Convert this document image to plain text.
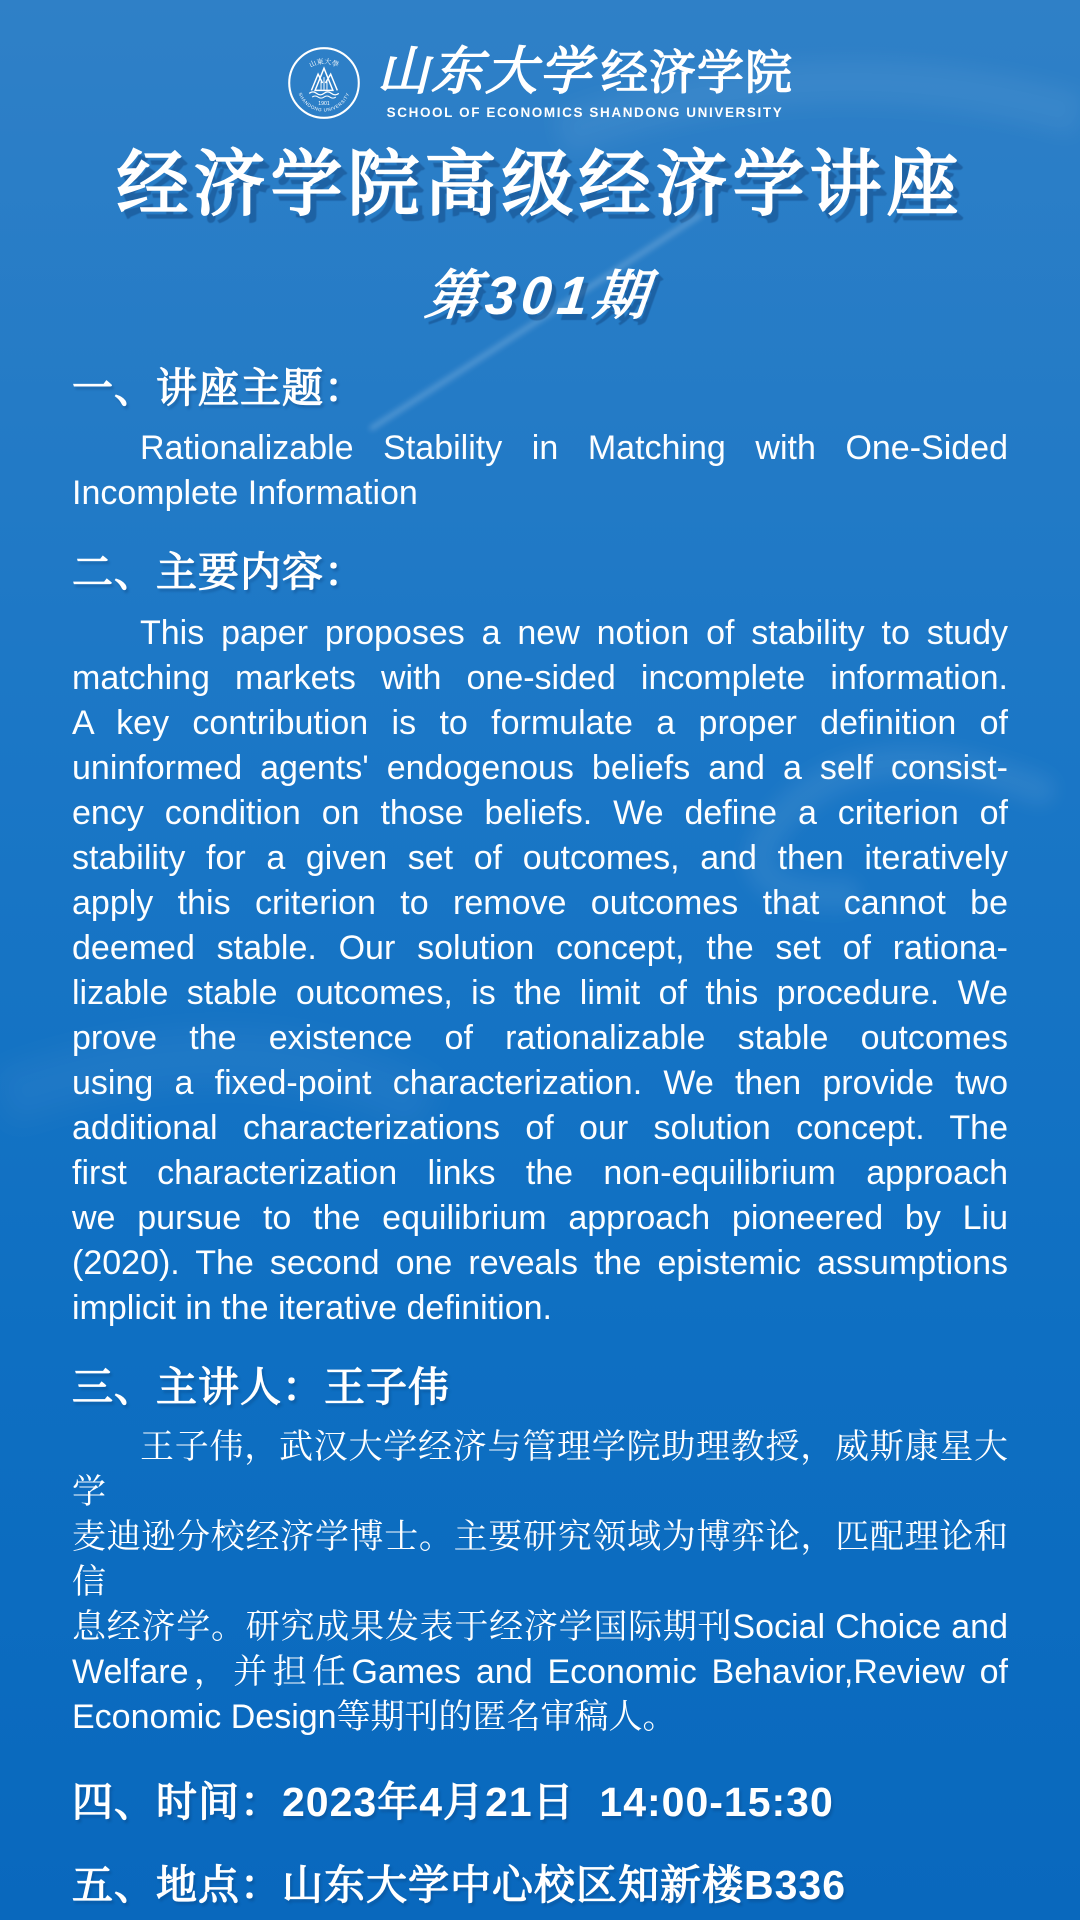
1901
山東大學
SHANDONG UNIVERSITY 山东大学 经济学院
SCHOOL OF ECONOMICS SHANDONG UNIVERSITY
经济学院高级经济学讲座
第301期
一、讲座主题：
Rationalizable Stability in Matching with One-Sided
Incomplete Information
二、主要内容：
This paper proposes a new notion of stability to study
matching markets with one-sided incomplete information.
A key contribution is to formulate a proper definition of
uninformed agents' endogenous beliefs and a self consist-
ency condition on those beliefs. We define a criterion of
stability for a given set of outcomes, and then iteratively
apply this criterion to remove outcomes that cannot be
deemed stable. Our solution concept, the set of rationa-
lizable stable outcomes, is the limit of this procedure. We
prove the existence of rationalizable stable outcomes
using a fixed-point characterization. We then provide two
additional characterizations of our solution concept. The
first characterization links the non-equilibrium approach
we pursue to the equilibrium approach pioneered by Liu
(2020). The second one reveals the epistemic assumptions
implicit in the iterative definition.
三、主讲人：王子伟
王子伟，武汉大学经济与管理学院助理教授，威斯康星大学
麦迪逊分校经济学博士。主要研究领域为博弈论，匹配理论和信
息经济学。研究成果发表于经济学国际期刊Social Choice and
Welfare，并担任Games and Economic Behavior,Review of
Economic Design等期刊的匿名审稿人。
四、时间：2023年4月21日  14:00-15:30
五、地点：山东大学中心校区知新楼B336
